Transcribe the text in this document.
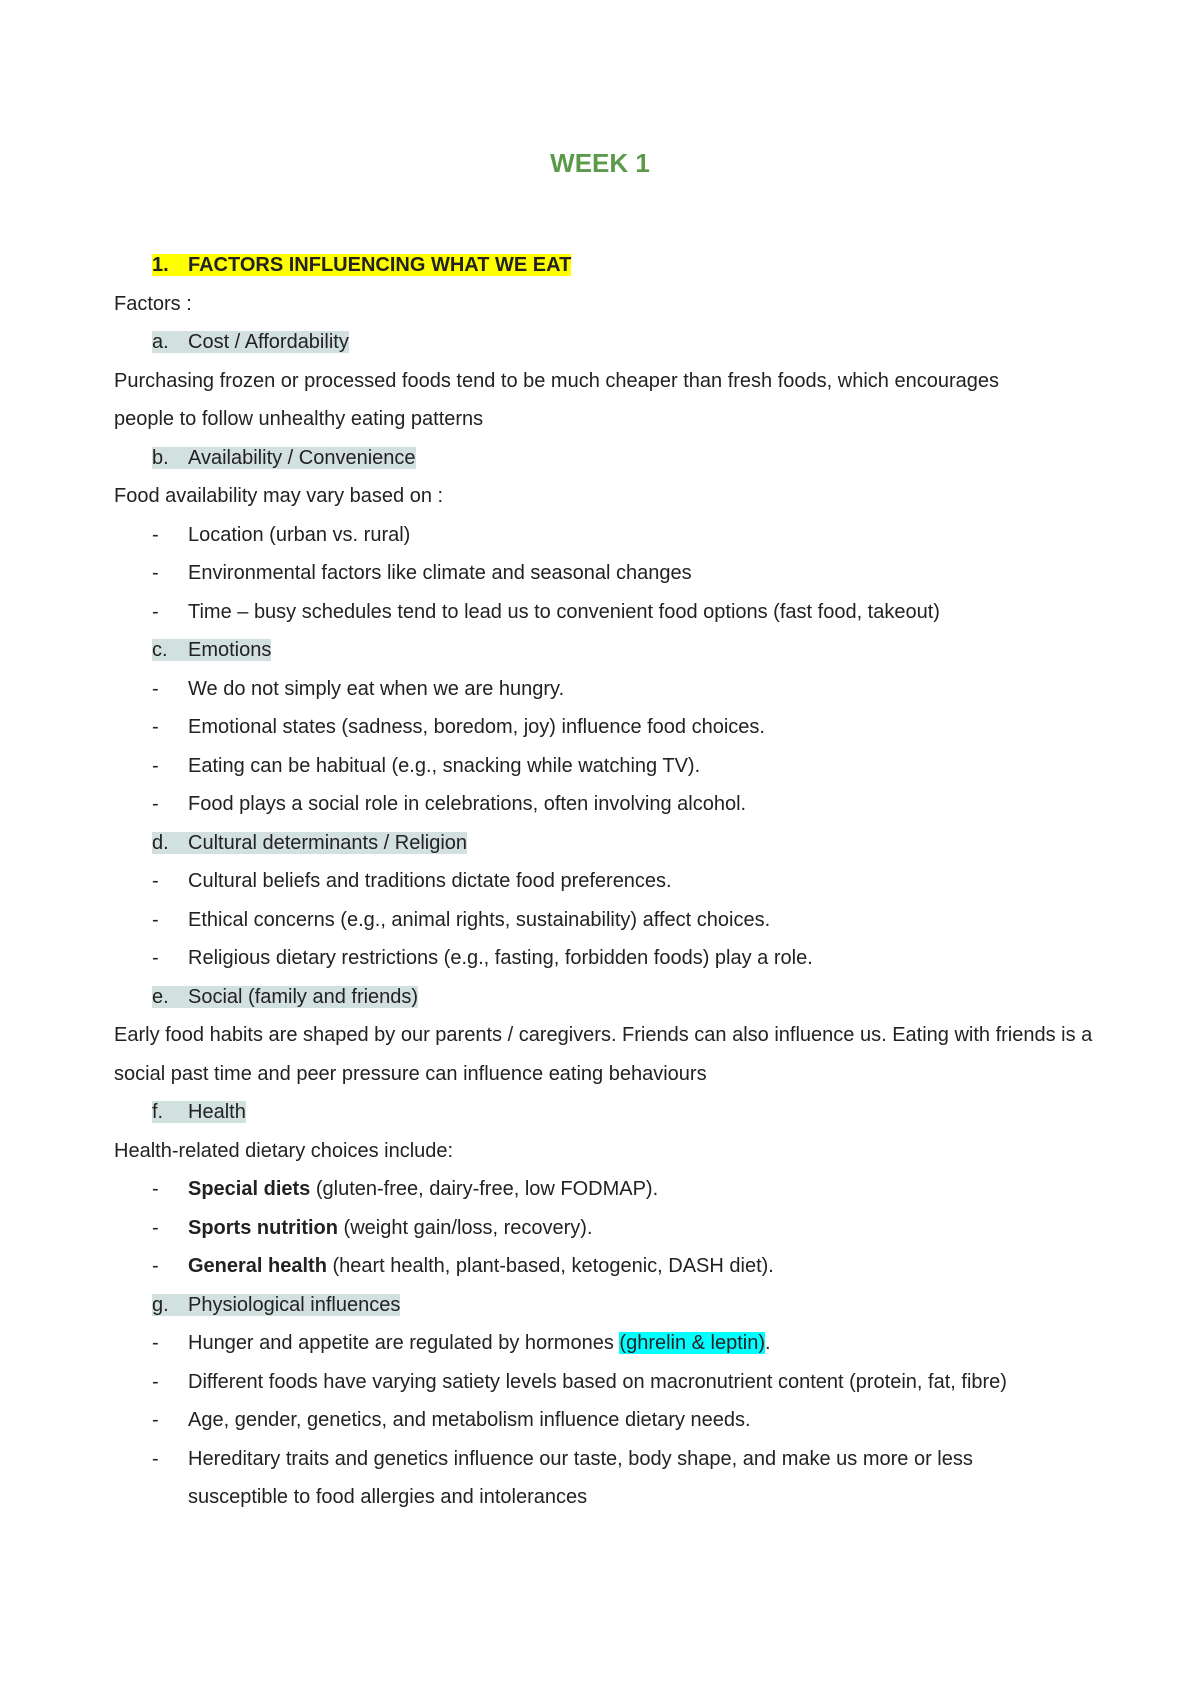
WEEK 1
1. FACTORS INFLUENCING WHAT WE EAT
Factors :
a. Cost / Affordability
Purchasing frozen or processed foods tend to be much cheaper than fresh foods, which encourages people to follow unhealthy eating patterns
b. Availability / Convenience
Food availability may vary based on :
-	Location (urban vs. rural)
-	Environmental factors like climate and seasonal changes
-	Time – busy schedules tend to lead us to convenient food options (fast food, takeout)
c. Emotions
-	We do not simply eat when we are hungry.
-	Emotional states (sadness, boredom, joy) influence food choices.
-	Eating can be habitual (e.g., snacking while watching TV).
-	Food plays a social role in celebrations, often involving alcohol.
d. Cultural determinants / Religion
-	Cultural beliefs and traditions dictate food preferences.
-	Ethical concerns (e.g., animal rights, sustainability) affect choices.
-	Religious dietary restrictions (e.g., fasting, forbidden foods) play a role.
e. Social (family and friends)
Early food habits are shaped by our parents / caregivers. Friends can also influence us. Eating with friends is a social past time and peer pressure can influence eating behaviours
f. Health
Health-related dietary choices include:
-	Special diets (gluten-free, dairy-free, low FODMAP).
-	Sports nutrition (weight gain/loss, recovery).
-	General health (heart health, plant-based, ketogenic, DASH diet).
g. Physiological influences
-	Hunger and appetite are regulated by hormones (ghrelin & leptin).
-	Different foods have varying satiety levels based on macronutrient content (protein, fat, fibre)
-	Age, gender, genetics, and metabolism influence dietary needs.
-	Hereditary traits and genetics influence our taste, body shape, and make us more or less susceptible to food allergies and intolerances
